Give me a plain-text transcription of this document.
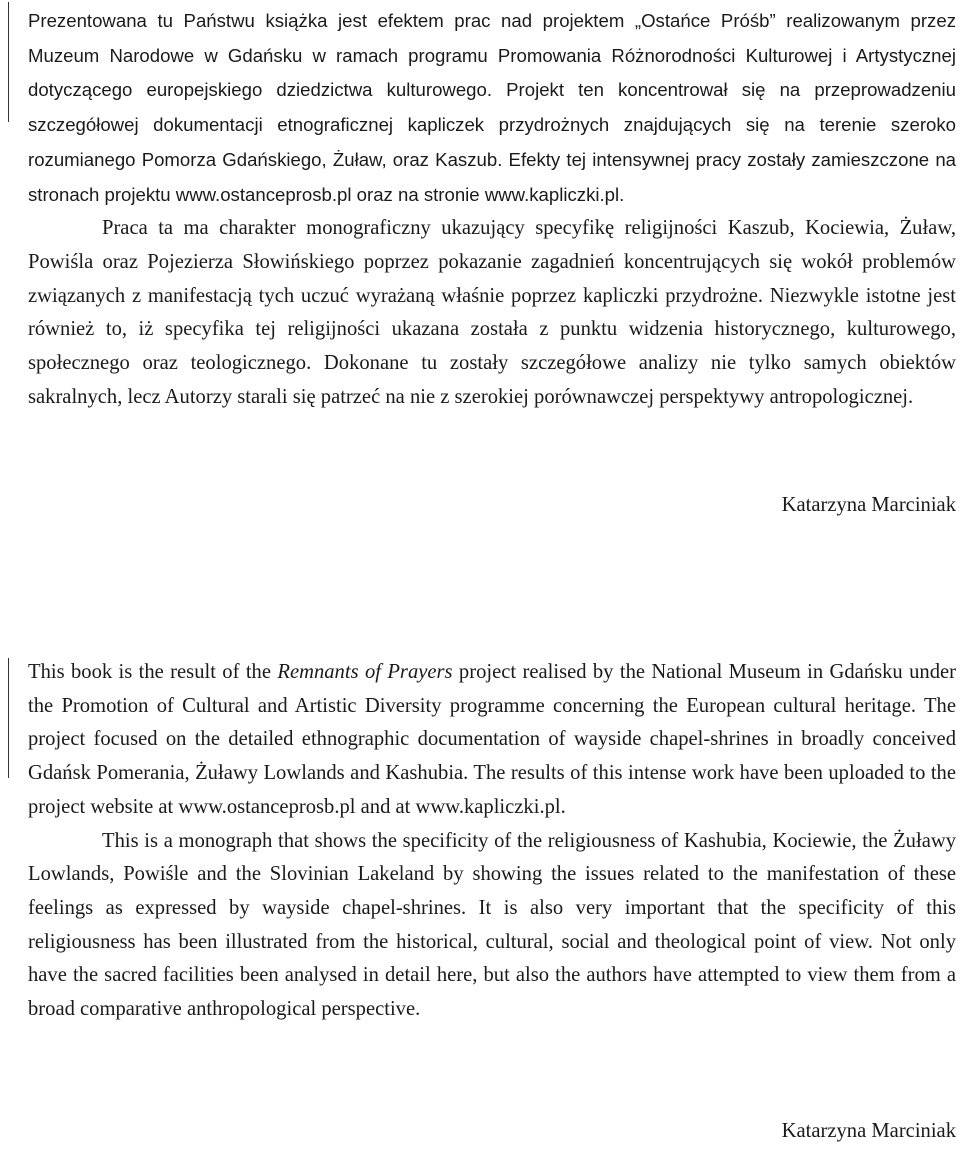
Prezentowana tu Państwu książka jest efektem prac nad projektem „Ostańce Próśb” realizowanym przez Muzeum Narodowe w Gdańsku w ramach programu Promowania Różnorodności Kulturowej i Artystycznej dotyczącego europejskiego dziedzictwa kulturowego. Projekt ten koncentrował się na przeprowadzeniu szczegółowej dokumentacji etnograficznej kapliczek przydrożnych znajdujących się na terenie szeroko rozumianego Pomorza Gdańskiego, Żuław, oraz Kaszub. Efekty tej intensywnej pracy zostały zamieszczone na stronach projektu www.ostanceprosb.pl oraz na stronie www.kapliczki.pl.

Praca ta ma charakter monograficzny ukazujący specyfikę religijności Kaszub, Kociewia, Żuław, Powiśla oraz Pojezierza Słowińskiego poprzez pokazanie zagadnień koncentrujących się wokół problemów związanych z manifestacją tych uczuć wyrażaną właśnie poprzez kapliczki przydrożne. Niezwykle istotne jest również to, iż specyfika tej religijności ukazana została z punktu widzenia historycznego, kulturowego, społecznego oraz teologicznego. Dokonane tu zostały szczegółowe analizy nie tylko samych obiektów sakralnych, lecz Autorzy starali się patrzeć na nie z szerokiej porównawczej perspektywy antropologicznej.

Katarzyna Marciniak

This book is the result of the Remnants of Prayers project realised by the National Museum in Gdańsku under the Promotion of Cultural and Artistic Diversity programme concerning the European cultural heritage. The project focused on the detailed ethnographic documentation of wayside chapel-shrines in broadly conceived Gdańsk Pomerania, Żuławy Lowlands and Kashubia. The results of this intense work have been uploaded to the project website at www.ostanceprosb.pl and at www.kapliczki.pl.

This is a monograph that shows the specificity of the religiousness of Kashubia, Kociewie, the Żuławy Lowlands, Powiśle and the Slovinian Lakeland by showing the issues related to the manifestation of these feelings as expressed by wayside chapel-shrines. It is also very important that the specificity of this religiousness has been illustrated from the historical, cultural, social and theological point of view. Not only have the sacred facilities been analysed in detail here, but also the authors have attempted to view them from a broad comparative anthropological perspective.

Katarzyna Marciniak
